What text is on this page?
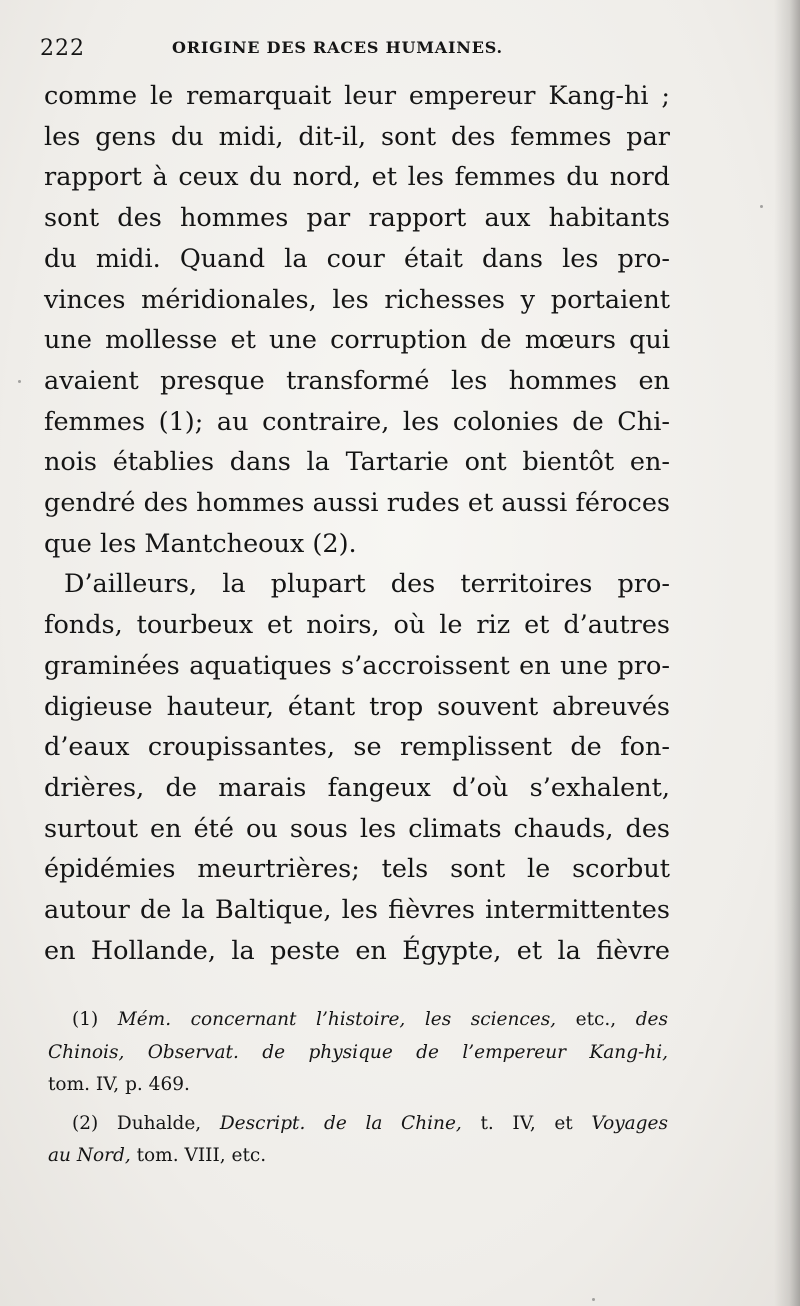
222	ORIGINE DES RACES HUMAINES.
comme le remarquait leur empereur Kang-hi ;
les gens du midi, dit-il, sont des femmes par
rapport à ceux du nord, et les femmes du nord
sont des hommes par rapport aux habitants
du midi. Quand la cour était dans les pro-
vinces méridionales, les richesses y portaient
une mollesse et une corruption de mœurs qui
avaient presque transformé les hommes en
femmes (1); au contraire, les colonies de Chi-
nois établies dans la Tartarie ont bientôt en-
gendré des hommes aussi rudes et aussi féroces
que les Mantcheoux (2).
D’ailleurs, la plupart des territoires pro-
fonds, tourbeux et noirs, où le riz et d’autres
graminées aquatiques s’accroissent en une pro-
digieuse hauteur, étant trop souvent abreuvés
d’eaux croupissantes, se remplissent de fon-
drières, de marais fangeux d’où s’exhalent,
surtout en été ou sous les climats chauds, des
épidémies meurtrières; tels sont le scorbut
autour de la Baltique, les fièvres intermittentes
en Hollande, la peste en Égypte, et la fièvre
(1) Mém. concernant l’histoire, les sciences, etc., des
Chinois, Observat. de physique de l’empereur Kang-hi,
tom. IV, p. 469.
(2) Duhalde, Descript. de la Chine, t. IV, et Voyages
au Nord, tom. VIII, etc.
